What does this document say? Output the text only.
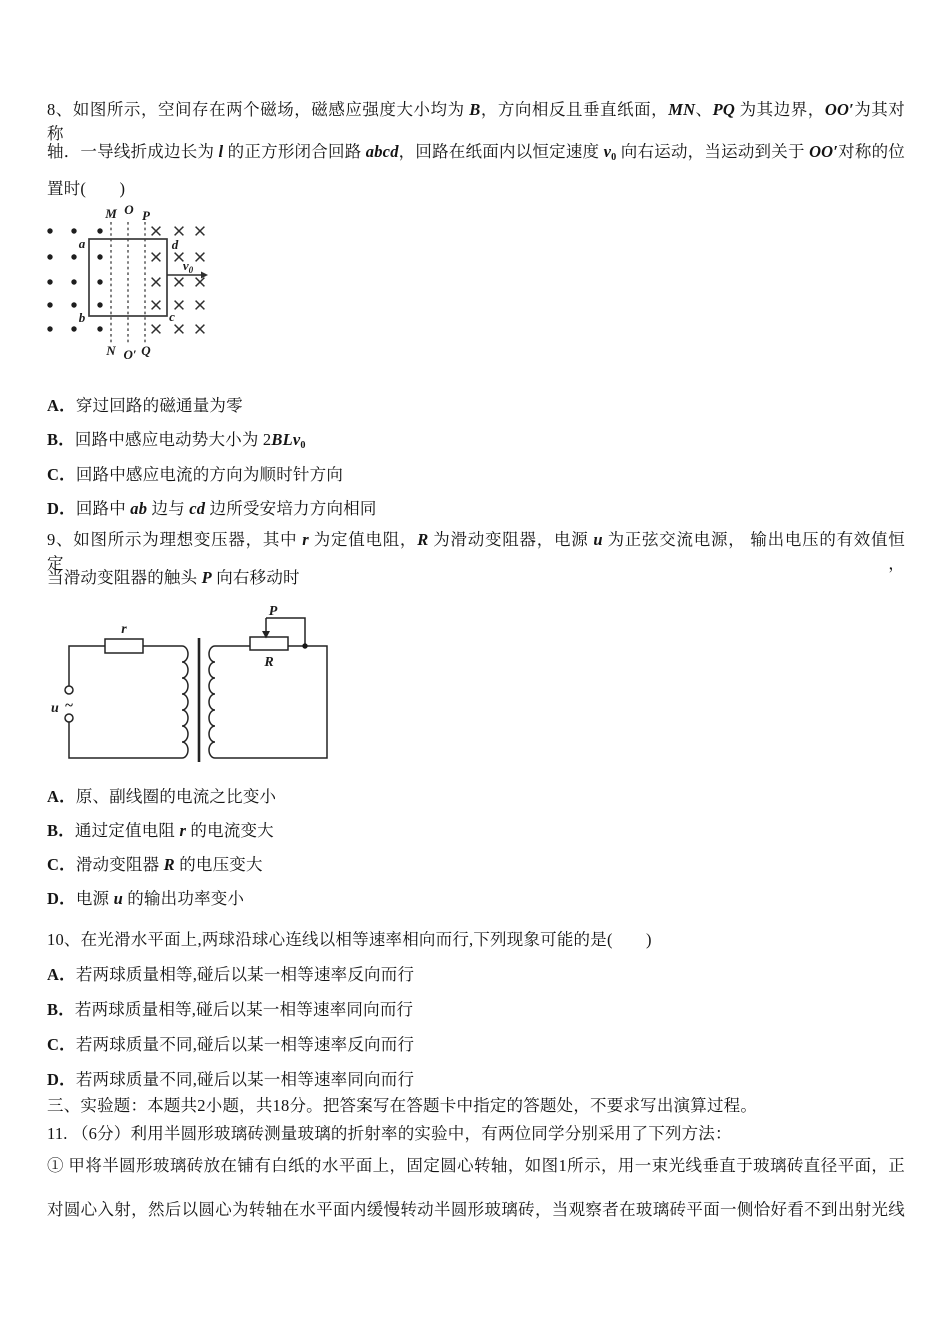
8、如图所示，空间存在两个磁场，磁感应强度大小均为 B，方向相反且垂直纸面，MN、PQ 为其边界，OO′为其对称
轴．一导线折成边长为 l 的正方形闭合回路 abcd，回路在纸面内以恒定速度 $v_0$ 向右运动，当运动到关于 OO′对称的位
置时(　　)
$v_0$
M O P
N O′ Q
a
b	c
d
A．穿过回路的磁通量为零
B．回路中感应电动势大小为 2BLv$_0$
C．回路中感应电流的方向为顺时针方向
D．回路中 ab 边与 cd 边所受安培力方向相同
9、如图所示为理想变压器，其中 r 为定值电阻，R 为滑动变阻器，电源 u 为正弦交流电源， 输出电压的有效值恒定，
当滑动变阻器的触头 P 向右移动时
u ~
r
R
P
A．原、副线圈的电流之比变小
B．通过定值电阻 r 的电流变大
C．滑动变阻器 R 的电压变大
D．电源 u 的输出功率变小
10、在光滑水平面上,两球沿球心连线以相等速率相向而行,下列现象可能的是(　　)
A．若两球质量相等,碰后以某一相等速率反向而行
B．若两球质量相等,碰后以某一相等速率同向而行
C．若两球质量不同,碰后以某一相等速率反向而行
D．若两球质量不同,碰后以某一相等速率同向而行
三、实验题：本题共2小题，共18分。把答案写在答题卡中指定的答题处，不要求写出演算过程。
11. （6分）利用半圆形玻璃砖测量玻璃的折射率的实验中，有两位同学分别采用了下列方法：
① 甲将半圆形玻璃砖放在铺有白纸的水平面上，固定圆心转轴，如图1所示，用一束光线垂直于玻璃砖直径平面，正
对圆心入射，然后以圆心为转轴在水平面内缓慢转动半圆形玻璃砖，当观察者在玻璃砖平面一侧恰好看不到出射光线
